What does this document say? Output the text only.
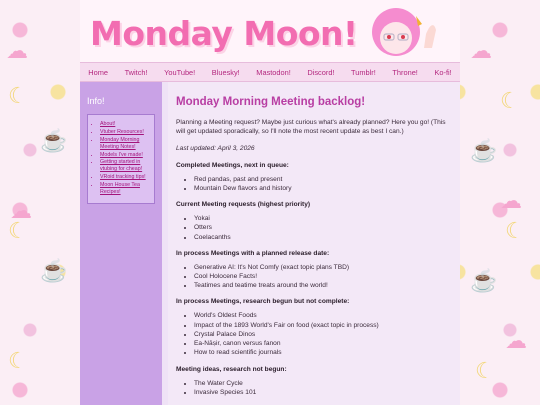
☁
☾
☕
☁
☾
☕
☾
☁
☾
☕
☁
☾
☕
☁
☾
Monday Moon!
Home Twitch! YouTube! Bluesky! Mastodon! Discord! Tumblr! Throne! Ko-fi!
Info!
• About!
• Vtuber Resources!
• Monday Morning Meeting Notes!
• Models I've made!
• Getting started in vtubing for cheap!
• VRoid tracking tips!
• Moon House Tea Recipes!
Monday Morning Meeting backlog!

Planning a Meeting request? Maybe just curious what's already planned? Here you go! (This will get updated sporadically, so I'll note the most recent update as best I can.)

Last updated: April 3, 2026

Completed Meetings, next in queue:
• Red pandas, past and present
• Mountain Dew flavors and history
Current Meeting requests (highest priority)
• Yokai
• Otters
• Coelacanths
In process Meetings with a planned release date:
• Generative AI: It's Not Comfy (exact topic plans TBD)
• Cool Holocene Facts!
• Teatimes and teatime treats around the world!
In process Meetings, research begun but not complete:
• World's Oldest Foods
• Impact of the 1893 World's Fair on food (exact topic in process)
• Crystal Palace Dinos
• Ea-Nāṣir, canon versus fanon
• How to read scientific journals
Meeting ideas, research not begun:
• The Water Cycle
• Invasive Species 101
